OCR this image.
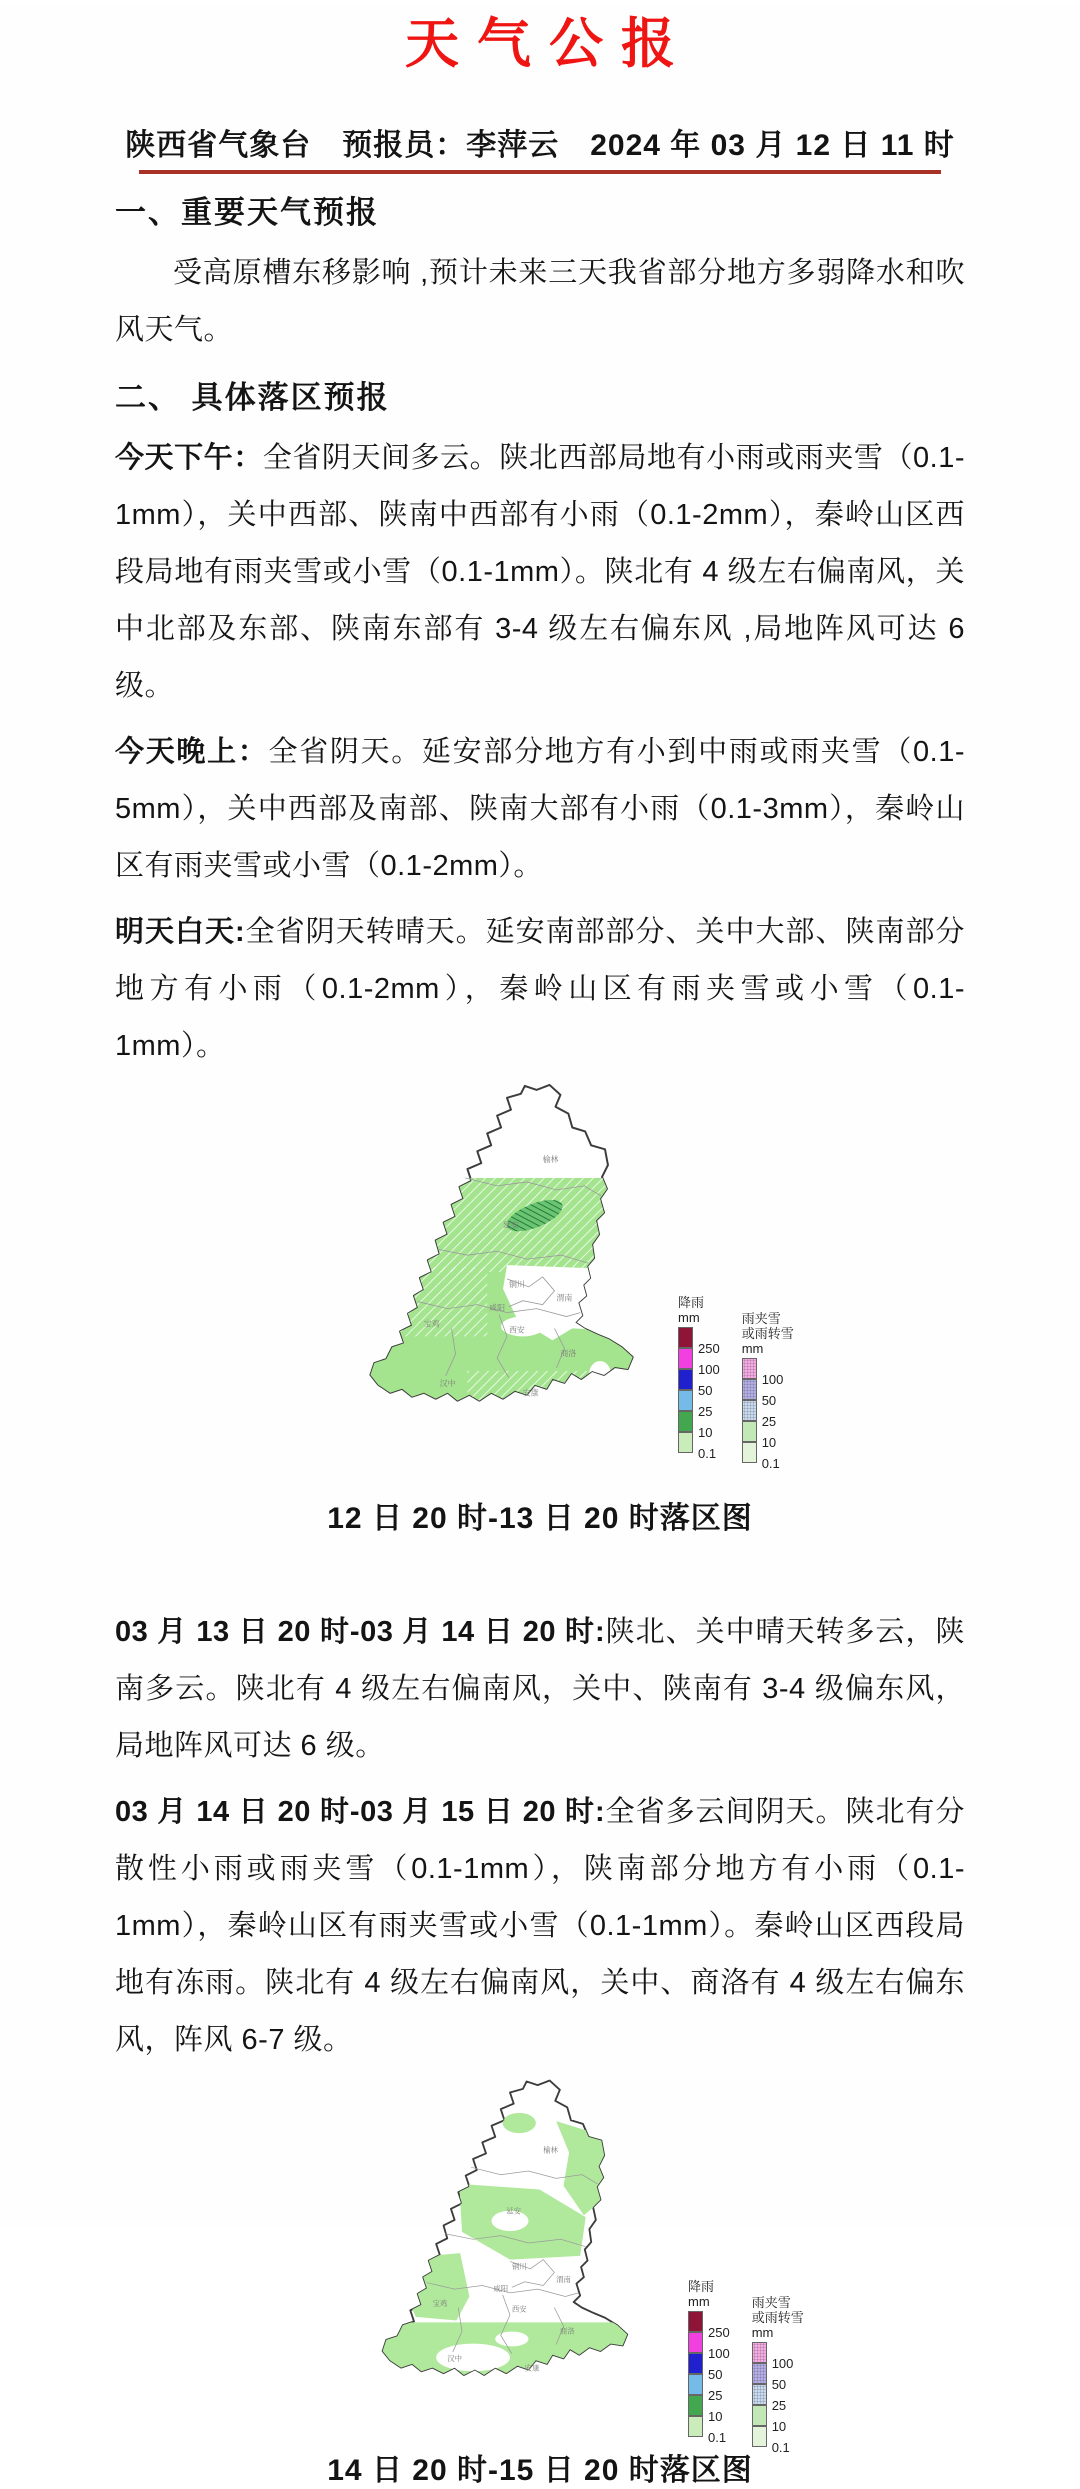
天气公报
陕西省气象台　预报员：李萍云　2024 年 03 月 12 日 11 时
一、重要天气预报

受高原槽东移影响 ,预计未来三天我省部分地方多弱降水和吹风天气。

二、 具体落区预报

今天下午：全省阴天间多云。陕北西部局地有小雨或雨夹雪（0.1-1mm），关中西部、陕南中西部有小雨（0.1-2mm），秦岭山区西段局地有雨夹雪或小雪（0.1-1mm）。陕北有 4 级左右偏南风，关中北部及东部、陕南东部有 3-4 级左右偏东风 ,局地阵风可达 6 级。

今天晚上：全省阴天。延安部分地方有小到中雨或雨夹雪（0.1-5mm），关中西部及南部、陕南大部有小雨（0.1-3mm），秦岭山区有雨夹雪或小雪（0.1-2mm）。

明天白天:全省阴天转晴天。延安南部部分、关中大部、陕南部分地方有小雨（0.1-2mm），秦岭山区有雨夹雪或小雪（0.1-1mm）。

榆林
延安
铜川
渭南
咸阳
宝鸡
西安
商洛
汉中
安康
降雨
mm
250
100
50
25
10
0.1
雨夹雪
或雨转雪
mm
100
50
25
10
0.1
12 日 20 时-13 日 20 时落区图

03 月 13 日 20 时-03 月 14 日 20 时:陕北、关中晴天转多云，陕南多云。陕北有 4 级左右偏南风，关中、陕南有 3-4 级偏东风，局地阵风可达 6 级。

03 月 14 日 20 时-03 月 15 日 20 时:全省多云间阴天。陕北有分散性小雨或雨夹雪（0.1-1mm），陕南部分地方有小雨（0.1-1mm），秦岭山区有雨夹雪或小雪（0.1-1mm）。秦岭山区西段局地有冻雨。陕北有 4 级左右偏南风，关中、商洛有 4 级左右偏东风，阵风 6-7 级。

榆林
延安
铜川
渭南
咸阳
宝鸡
西安
商洛
汉中
安康
降雨
mm
250
100
50
25
10
0.1
雨夹雪
或雨转雪
mm
100
50
25
10
0.1
14 日 20 时-15 日 20 时落区图
